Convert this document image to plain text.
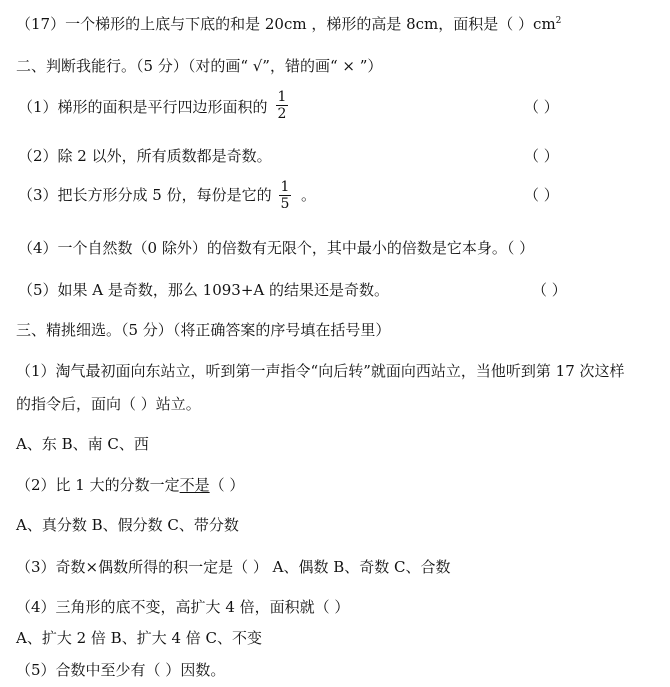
（17）一个梯形的上底与下底的和是 20cm ，梯形的高是 8cm，面积是（ ）$cm^2$
二、判断我能行。（5 分）（对的画“ √”，错的画“ × ”）
（1）梯形的面积是平行四边形面积的
1
2	（ ）
（2）除 2 以外，所有质数都是奇数。	（ ）
（3）把长方形分成 5 份，每份是它的 1
5 。	（ ）
（4）一个自然数（0 除外）的倍数有无限个，其中最小的倍数是它本身。（ ）
（5）如果 A 是奇数，那么 1093+A 的结果还是奇数。	（ ）
三、精挑细选。（5 分）（将正确答案的序号填在括号里）
（1）淘气最初面向东站立，听到第一声指令“向后转”就面向西站立，当他听到第 17 次这样
的指令后，面向（ ）站立。
A、东 B、南 C、西
（2）比 1 大的分数一定不是（ ）
A、真分数 B、假分数 C、带分数
（3）奇数×偶数所得的积一定是（ ） A、偶数 B、奇数 C、合数
（4）三角形的底不变，高扩大 4 倍，面积就（ ）
A、扩大 2 倍 B、扩大 4 倍 C、不变
（5）合数中至少有（ ）因数。
